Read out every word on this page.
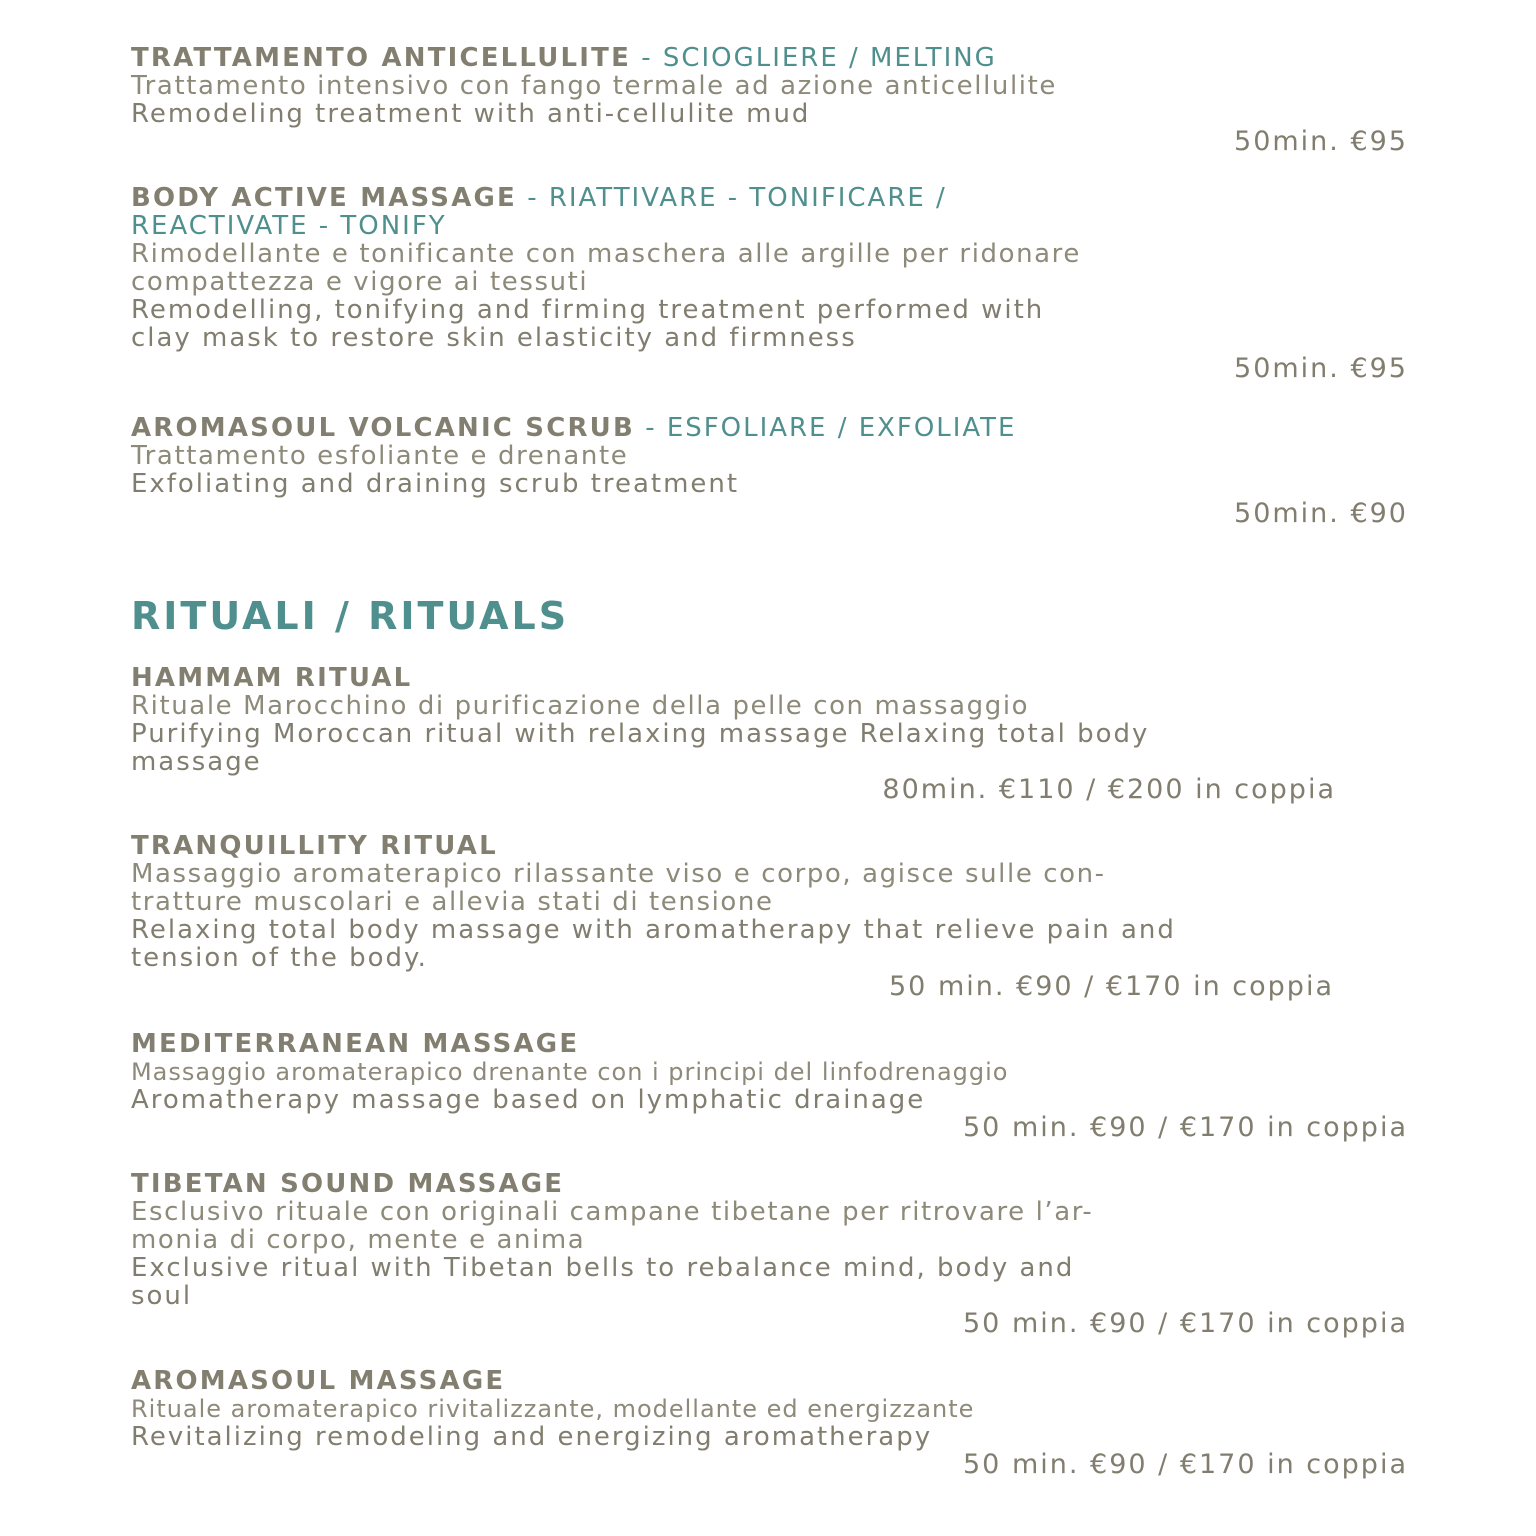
TRATTAMENTO ANTICELLULITE - SCIOGLIERE / MELTING
Trattamento intensivo con fango termale ad azione anticellulite
Remodeling treatment with anti-cellulite mud
50min. €95
BODY ACTIVE MASSAGE - RIATTIVARE - TONIFICARE /
REACTIVATE - TONIFY
Rimodellante e tonificante con maschera alle argille per ridonare
compattezza e vigore ai tessuti
Remodelling, tonifying and firming treatment performed with
clay mask to restore skin elasticity and firmness
50min. €95
AROMASOUL VOLCANIC SCRUB - ESFOLIARE / EXFOLIATE
Trattamento esfoliante e drenante
Exfoliating and draining scrub treatment
50min. €90
RITUALI / RITUALS
HAMMAM RITUAL
Rituale Marocchino di purificazione della pelle con massaggio
Purifying Moroccan ritual with relaxing massage Relaxing total body
massage
80min. €110 / €200 in coppia
TRANQUILLITY RITUAL
Massaggio aromaterapico rilassante viso e corpo, agisce sulle con-
tratture muscolari e allevia stati di tensione
Relaxing total body massage with aromatherapy that relieve pain and
tension of the body.
50 min. €90 / €170 in coppia
MEDITERRANEAN MASSAGE
Massaggio aromaterapico drenante con i principi del linfodrenaggio
Aromatherapy massage based on lymphatic drainage
50 min. €90 / €170 in coppia
TIBETAN SOUND MASSAGE
Esclusivo rituale con originali campane tibetane per ritrovare l’ar-
monia di corpo, mente e anima
Exclusive ritual with Tibetan bells to rebalance mind, body and
soul
50 min. €90 / €170 in coppia
AROMASOUL MASSAGE
Rituale aromaterapico rivitalizzante, modellante ed energizzante
Revitalizing remodeling and energizing aromatherapy
50 min. €90 / €170 in coppia
